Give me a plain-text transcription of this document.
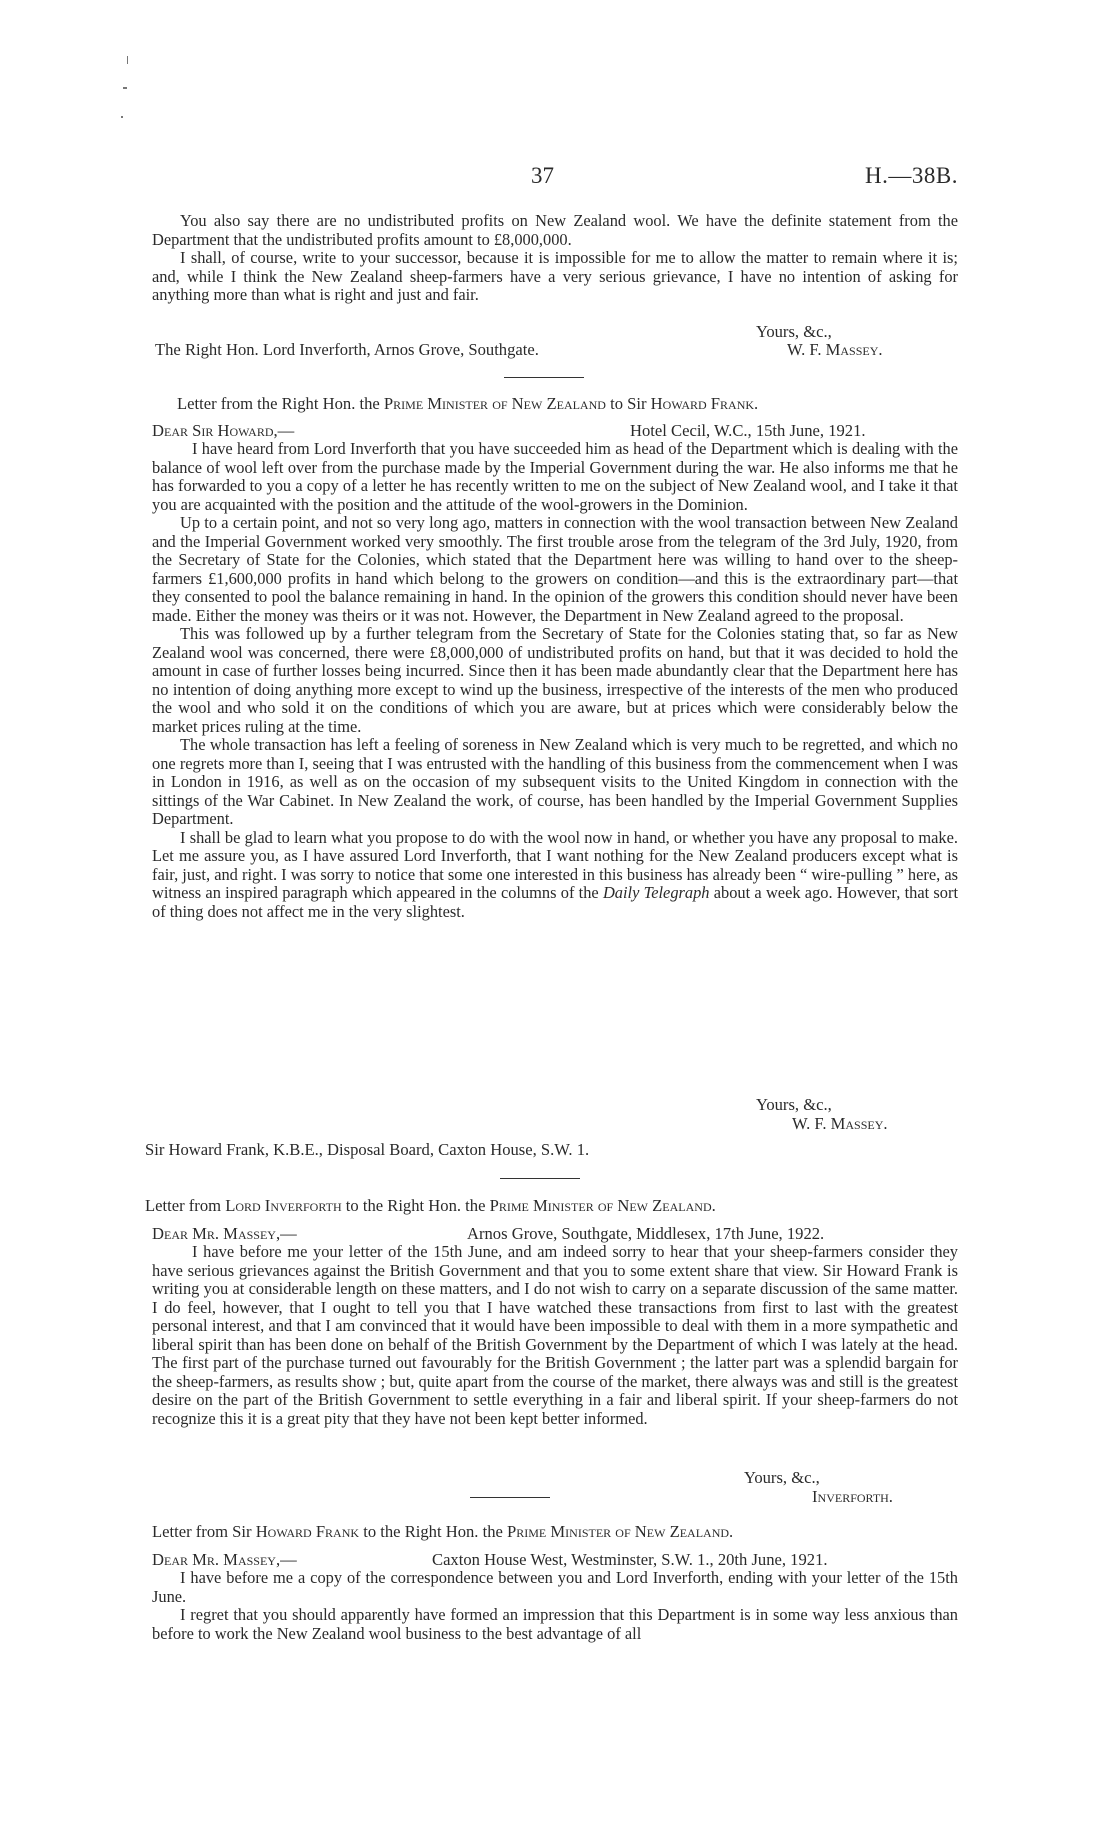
37	H.—38B.

You also say there are no undistributed profits on New Zealand wool. We have the definite statement from the Department that the undistributed profits amount to £8,000,000.

I shall, of course, write to your successor, because it is impossible for me to allow the matter to remain where it is; and, while I think the New Zealand sheep-farmers have a very serious grievance, I have no intention of asking for anything more than what is right and just and fair.

Yours, &c.,
The Right Hon. Lord Inverforth, Arnos Grove, Southgate.	W. F. Massey.
Letter from the Right Hon. the Prime Minister of New Zealand to Sir Howard Frank.
Dear Sir Howard,—	Hotel Cecil, W.C., 15th June, 1921.

I have heard from Lord Inverforth that you have succeeded him as head of the Department which is dealing with the balance of wool left over from the purchase made by the Imperial Government during the war. He also informs me that he has forwarded to you a copy of a letter he has recently written to me on the subject of New Zealand wool, and I take it that you are acquainted with the position and the attitude of the wool-growers in the Dominion.

Up to a certain point, and not so very long ago, matters in connection with the wool transaction between New Zealand and the Imperial Government worked very smoothly. The first trouble arose from the telegram of the 3rd July, 1920, from the Secretary of State for the Colonies, which stated that the Department here was willing to hand over to the sheep-farmers £1,600,000 profits in hand which belong to the growers on condition—and this is the extraordinary part—that they consented to pool the balance remaining in hand. In the opinion of the growers this condition should never have been made. Either the money was theirs or it was not. However, the Department in New Zealand agreed to the proposal.

This was followed up by a further telegram from the Secretary of State for the Colonies stating that, so far as New Zealand wool was concerned, there were £8,000,000 of undistributed profits on hand, but that it was decided to hold the amount in case of further losses being incurred. Since then it has been made abundantly clear that the Department here has no intention of doing anything more except to wind up the business, irrespective of the interests of the men who produced the wool and who sold it on the conditions of which you are aware, but at prices which were considerably below the market prices ruling at the time.

The whole transaction has left a feeling of soreness in New Zealand which is very much to be regretted, and which no one regrets more than I, seeing that I was entrusted with the handling of this business from the commencement when I was in London in 1916, as well as on the occasion of my subsequent visits to the United Kingdom in connection with the sittings of the War Cabinet. In New Zealand the work, of course, has been handled by the Imperial Government Supplies Department.

I shall be glad to learn what you propose to do with the wool now in hand, or whether you have any proposal to make. Let me assure you, as I have assured Lord Inverforth, that I want nothing for the New Zealand producers except what is fair, just, and right. I was sorry to notice that some one interested in this business has already been “ wire-pulling ” here, as witness an inspired paragraph which appeared in the columns of the Daily Telegraph about a week ago. However, that sort of thing does not affect me in the very slightest.

Yours, &c.,
W. F. Massey.
Sir Howard Frank, K.B.E., Disposal Board, Caxton House, S.W. 1.
Letter from Lord Inverforth to the Right Hon. the Prime Minister of New Zealand.
Dear Mr. Massey,—	Arnos Grove, Southgate, Middlesex, 17th June, 1922.

I have before me your letter of the 15th June, and am indeed sorry to hear that your sheep-farmers consider they have serious grievances against the British Government and that you to some extent share that view. Sir Howard Frank is writing you at considerable length on these matters, and I do not wish to carry on a separate discussion of the same matter. I do feel, however, that I ought to tell you that I have watched these transactions from first to last with the greatest personal interest, and that I am convinced that it would have been impossible to deal with them in a more sympathetic and liberal spirit than has been done on behalf of the British Government by the Department of which I was lately at the head. The first part of the purchase turned out favourably for the British Government ; the latter part was a splendid bargain for the sheep-farmers, as results show ; but, quite apart from the course of the market, there always was and still is the greatest desire on the part of the British Government to settle everything in a fair and liberal spirit. If your sheep-farmers do not recognize this it is a great pity that they have not been kept better informed.

Yours, &c.,
Inverforth.
Letter from Sir Howard Frank to the Right Hon. the Prime Minister of New Zealand.
Dear Mr. Massey,—	Caxton House West, Westminster, S.W. 1., 20th June, 1921.

I have before me a copy of the correspondence between you and Lord Inverforth, ending with your letter of the 15th June.

I regret that you should apparently have formed an impression that this Department is in some way less anxious than before to work the New Zealand wool business to the best advantage of all
